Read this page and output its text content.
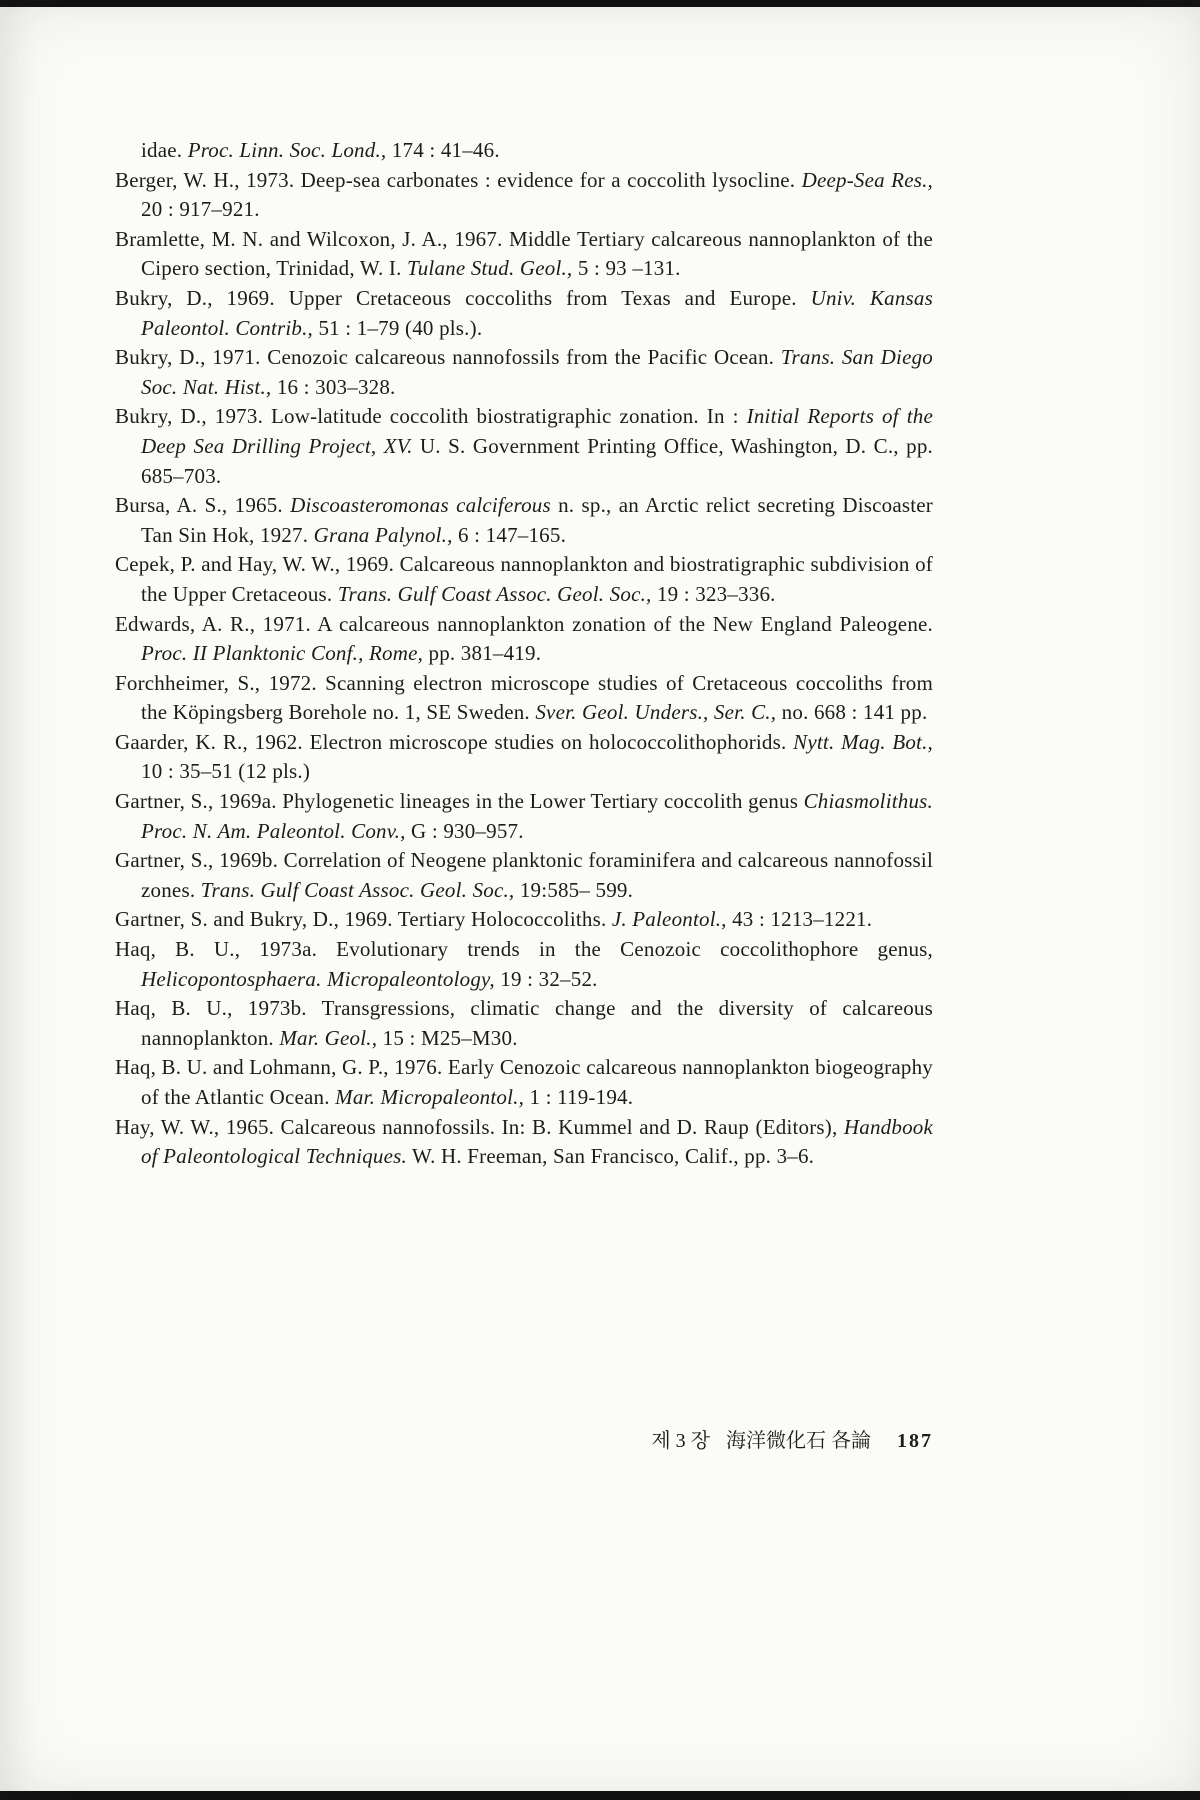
idae. Proc. Linn. Soc. Lond., 174 : 41–46.
Berger, W. H., 1973. Deep-sea carbonates : evidence for a coccolith lysocline. Deep-Sea Res., 20 : 917–921.
Bramlette, M. N. and Wilcoxon, J. A., 1967. Middle Tertiary calcareous nannoplankton of the Cipero section, Trinidad, W. I. Tulane Stud. Geol., 5 : 93 –131.
Bukry, D., 1969. Upper Cretaceous coccoliths from Texas and Europe. Univ. Kansas Paleontol. Contrib., 51 : 1–79 (40 pls.).
Bukry, D., 1971. Cenozoic calcareous nannofossils from the Pacific Ocean. Trans. San Diego Soc. Nat. Hist., 16 : 303–328.
Bukry, D., 1973. Low-latitude coccolith biostratigraphic zonation. In : Initial Reports of the Deep Sea Drilling Project, XV. U. S. Government Printing Office, Washington, D. C., pp. 685–703.
Bursa, A. S., 1965. Discoasteromonas calciferous n. sp., an Arctic relict secreting Discoaster Tan Sin Hok, 1927. Grana Palynol., 6 : 147–165.
Cepek, P. and Hay, W. W., 1969. Calcareous nannoplankton and biostratigraphic subdivision of the Upper Cretaceous. Trans. Gulf Coast Assoc. Geol. Soc., 19 : 323–336.
Edwards, A. R., 1971. A calcareous nannoplankton zonation of the New England Paleogene. Proc. II Planktonic Conf., Rome, pp. 381–419.
Forchheimer, S., 1972. Scanning electron microscope studies of Cretaceous coccoliths from the Köpingsberg Borehole no. 1, SE Sweden. Sver. Geol. Unders., Ser. C., no. 668 : 141 pp.
Gaarder, K. R., 1962. Electron microscope studies on holococcolithophorids. Nytt. Mag. Bot., 10 : 35–51 (12 pls.)
Gartner, S., 1969a. Phylogenetic lineages in the Lower Tertiary coccolith genus Chiasmolithus. Proc. N. Am. Paleontol. Conv., G : 930–957.
Gartner, S., 1969b. Correlation of Neogene planktonic foraminifera and calcareous nannofossil zones. Trans. Gulf Coast Assoc. Geol. Soc., 19:585– 599.
Gartner, S. and Bukry, D., 1969. Tertiary Holococcoliths. J. Paleontol., 43 : 1213–1221.
Haq, B. U., 1973a. Evolutionary trends in the Cenozoic coccolithophore genus, Helicopontosphaera. Micropaleontology, 19 : 32–52.
Haq, B. U., 1973b. Transgressions, climatic change and the diversity of calcareous nannoplankton. Mar. Geol., 15 : M25–M30.
Haq, B. U. and Lohmann, G. P., 1976. Early Cenozoic calcareous nannoplankton biogeography of the Atlantic Ocean. Mar. Micropaleontol., 1 : 119-194.
Hay, W. W., 1965. Calcareous nannofossils. In: B. Kummel and D. Raup (Editors), Handbook of Paleontological Techniques. W. H. Freeman, San Francisco, Calif., pp. 3–6.
제 3 장 海洋微化石 各論 187
